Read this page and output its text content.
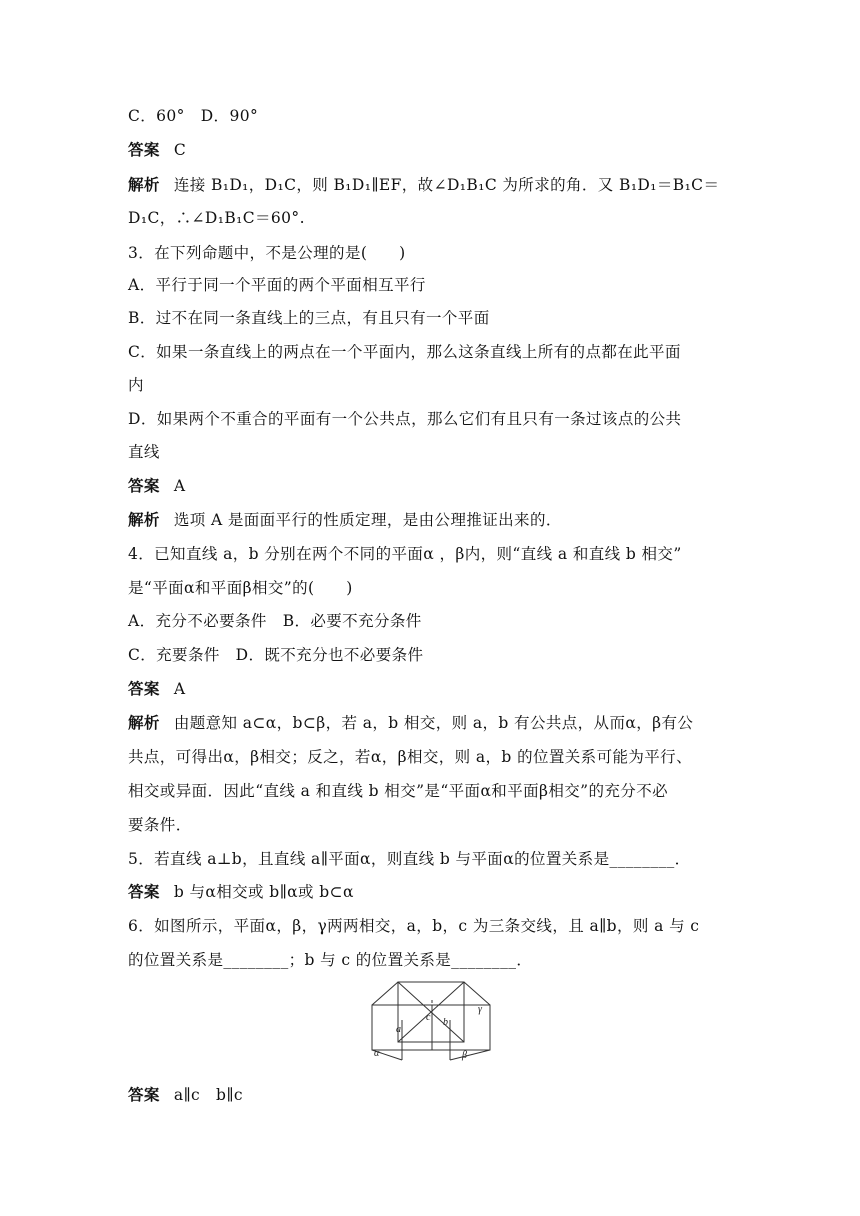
C．60°　D．90°
答案 C
解析 连接 B₁D₁，D₁C，则 B₁D₁∥EF，故∠D₁B₁C 为所求的角．又 B₁D₁＝B₁C＝
D₁C，∴∠D₁B₁C＝60°.
3．在下列命题中，不是公理的是(　　)
A．平行于同一个平面的两个平面相互平行
B．过不在同一条直线上的三点，有且只有一个平面
C．如果一条直线上的两点在一个平面内，那么这条直线上所有的点都在此平面
内
D．如果两个不重合的平面有一个公共点，那么它们有且只有一条过该点的公共
直线
答案 A
解析 选项 A 是面面平行的性质定理，是由公理推证出来的．
4．已知直线 a，b 分别在两个不同的平面α ，β内，则“直线 a 和直线 b 相交”
是“平面α和平面β相交”的(　　)
A．充分不必要条件　B．必要不充分条件
C．充要条件　D．既不充分也不必要条件
答案 A
解析 由题意知 a⊂α，b⊂β，若 a，b 相交，则 a，b 有公共点，从而α，β有公
共点，可得出α，β相交；反之，若α，β相交，则 a，b 的位置关系可能为平行、
相交或异面．因此“直线 a 和直线 b 相交”是“平面α和平面β相交”的充分不必
要条件．
5．若直线 a⊥b，且直线 a∥平面α，则直线 b 与平面α的位置关系是________．
答案 b 与α相交或 b∥α或 b⊂α
6．如图所示，平面α，β，γ两两相交，a，b，c 为三条交线，且 a∥b，则 a 与 c
的位置关系是________；b 与 c 的位置关系是________．
a
c b
γ
α	β
答案 a∥c　b∥c
